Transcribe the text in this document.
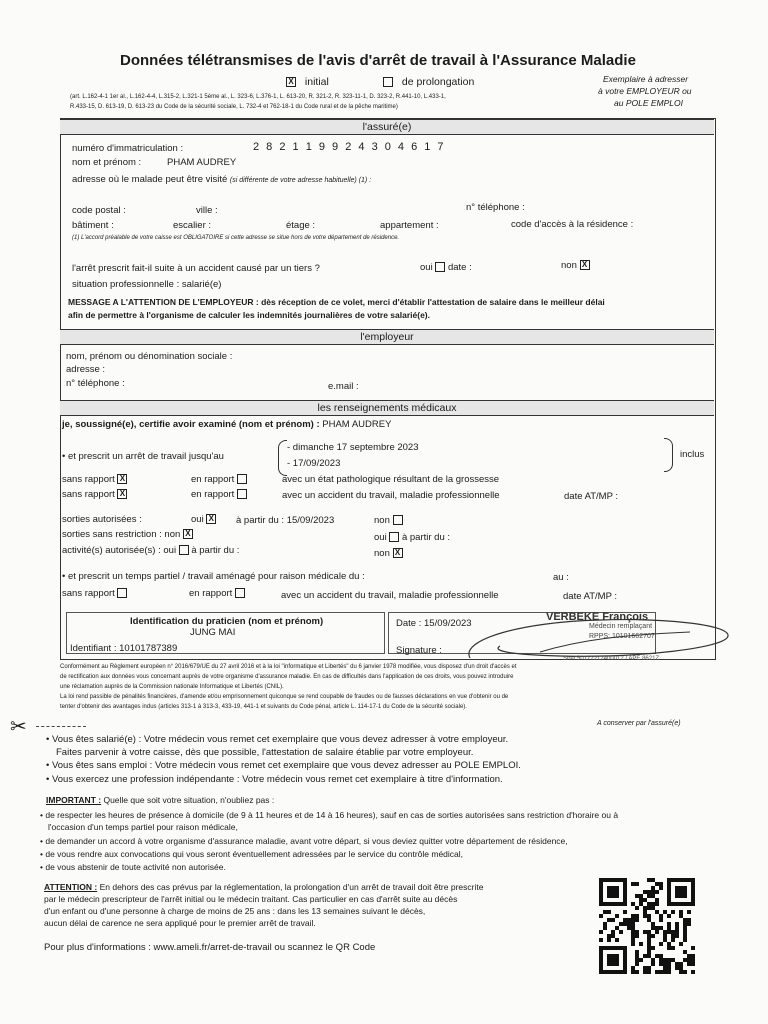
Données télétransmises de l'avis d'arrêt de travail à l'Assurance Maladie
X initial	de prolongation
(art. L.162-4-1 1er al., L.162-4-4, L.315-2, L.321-1 5ème al., L. 323-6, L.376-1, L. 613-20, R. 321-2, R. 323-11-1, D. 323-2, R.441-10, L.433-1,
R.433-15, D. 613-19, D. 613-23 du Code de la sécurité sociale, L. 732-4 et 762-18-1 du Code rural et de la pêche maritime)
Exemplaire à adresser
à votre EMPLOYEUR ou
au POLE EMPLOI
l'assuré(e)
numéro d'immatriculation :	2 8 2 1 1 9 9 2 4 3 0 4 6 1 7
nom et prénom :	PHAM AUDREY
adresse où le malade peut être visité (si différente de votre adresse habituelle) (1) :
code postal :	ville :	n° téléphone :
bâtiment :	escalier :	étage :	appartement :	code d'accès à la résidence :
(1) L'accord préalable de votre caisse est OBLIGATOIRE si cette adresse se situe hors de votre département de résidence.
l'arrêt prescrit fait-il suite à un accident causé par un tiers ?	oui date :	non X
situation professionnelle : salarié(e)
MESSAGE A L'ATTENTION DE L'EMPLOYEUR : dès réception de ce volet, merci d'établir l'attestation de salaire dans le meilleur délai
afin de permettre à l'organisme de calculer les indemnités journalières de votre salarié(e).
l'employeur
nom, prénom ou dénomination sociale :
adresse :
n° téléphone :	e.mail :
les renseignements médicaux
je, soussigné(e), certifie avoir examiné (nom et prénom) : PHAM AUDREY
• et prescrit un arrêt de travail jusqu'au
- dimanche 17 septembre 2023
- 17/09/2023
inclus
sans rapport X	en rapport	avec un état pathologique résultant de la grossesse
sans rapport X	en rapport	avec un accident du travail, maladie professionnelle	date AT/MP :
sorties autorisées :	oui X à partir du : 15/09/2023	non
sorties sans restriction : non X	oui à partir du :
activité(s) autorisée(s) : oui à partir du :	non X
• et prescrit un temps partiel / travail aménagé pour raison médicale du :	au :
sans rapport	en rapport	avec un accident du travail, maladie professionnelle	date AT/MP :
Identification du praticien (nom et prénom)
JUNG MAI
Identifiant : 10101787389
Date : 15/09/2023
Signature :
VERBEKE François
Médecin remplaçant
RPPS: 10101662707
Siret 50172212400012 / APE 8621Z
Conformément au Règlement européen n° 2016/679/UE du 27 avril 2016 et à la loi "informatique et Libertés" du 6 janvier 1978 modifiée, vous disposez d'un droit d'accès et
de rectification aux données vous concernant auprès de votre organisme d'assurance maladie. En cas de difficultés dans l'application de ces droits, vous pouvez introduire
une réclamation auprès de la Commission nationale Informatique et Libertés (CNIL).
La loi rend passible de pénalités financières, d'amende et/ou emprisonnement quiconque se rend coupable de fraudes ou de fausses déclarations en vue d'obtenir ou de
tenter d'obtenir des avantages indus (articles 313-1 à 313-3, 433-19, 441-1 et suivants du Code pénal, article L. 114-17-1 du Code de la sécurité sociale).
✂	A conserver par l'assuré(e)
• Vous êtes salarié(e) : Votre médecin vous remet cet exemplaire que vous devez adresser à votre employeur.
Faites parvenir à votre caisse, dès que possible, l'attestation de salaire établie par votre employeur.
• Vous êtes sans emploi : Votre médecin vous remet cet exemplaire que vous devez adresser au POLE EMPLOI.
• Vous exercez une profession indépendante : Votre médecin vous remet cet exemplaire à titre d'information.
IMPORTANT : Quelle que soit votre situation, n'oubliez pas :
• de respecter les heures de présence à domicile (de 9 à 11 heures et de 14 à 16 heures), sauf en cas de sorties autorisées sans restriction d'horaire ou à
l'occasion d'un temps partiel pour raison médicale,
• de demander un accord à votre organisme d'assurance maladie, avant votre départ, si vous deviez quitter votre département de résidence,
• de vous rendre aux convocations qui vous seront éventuellement adressées par le service du contrôle médical,
• de vous abstenir de toute activité non autorisée.
ATTENTION : En dehors des cas prévus par la réglementation, la prolongation d'un arrêt de travail doit être prescrite
par le médecin prescripteur de l'arrêt initial ou le médecin traitant. Cas particulier en cas d'arrêt suite au décès
d'un enfant ou d'une personne à charge de moins de 25 ans : dans les 13 semaines suivant le décès,
aucun délai de carence ne sera appliqué pour le premier arrêt de travail.
Pour plus d'informations : www.ameli.fr/arret-de-travail ou scannez le QR Code
